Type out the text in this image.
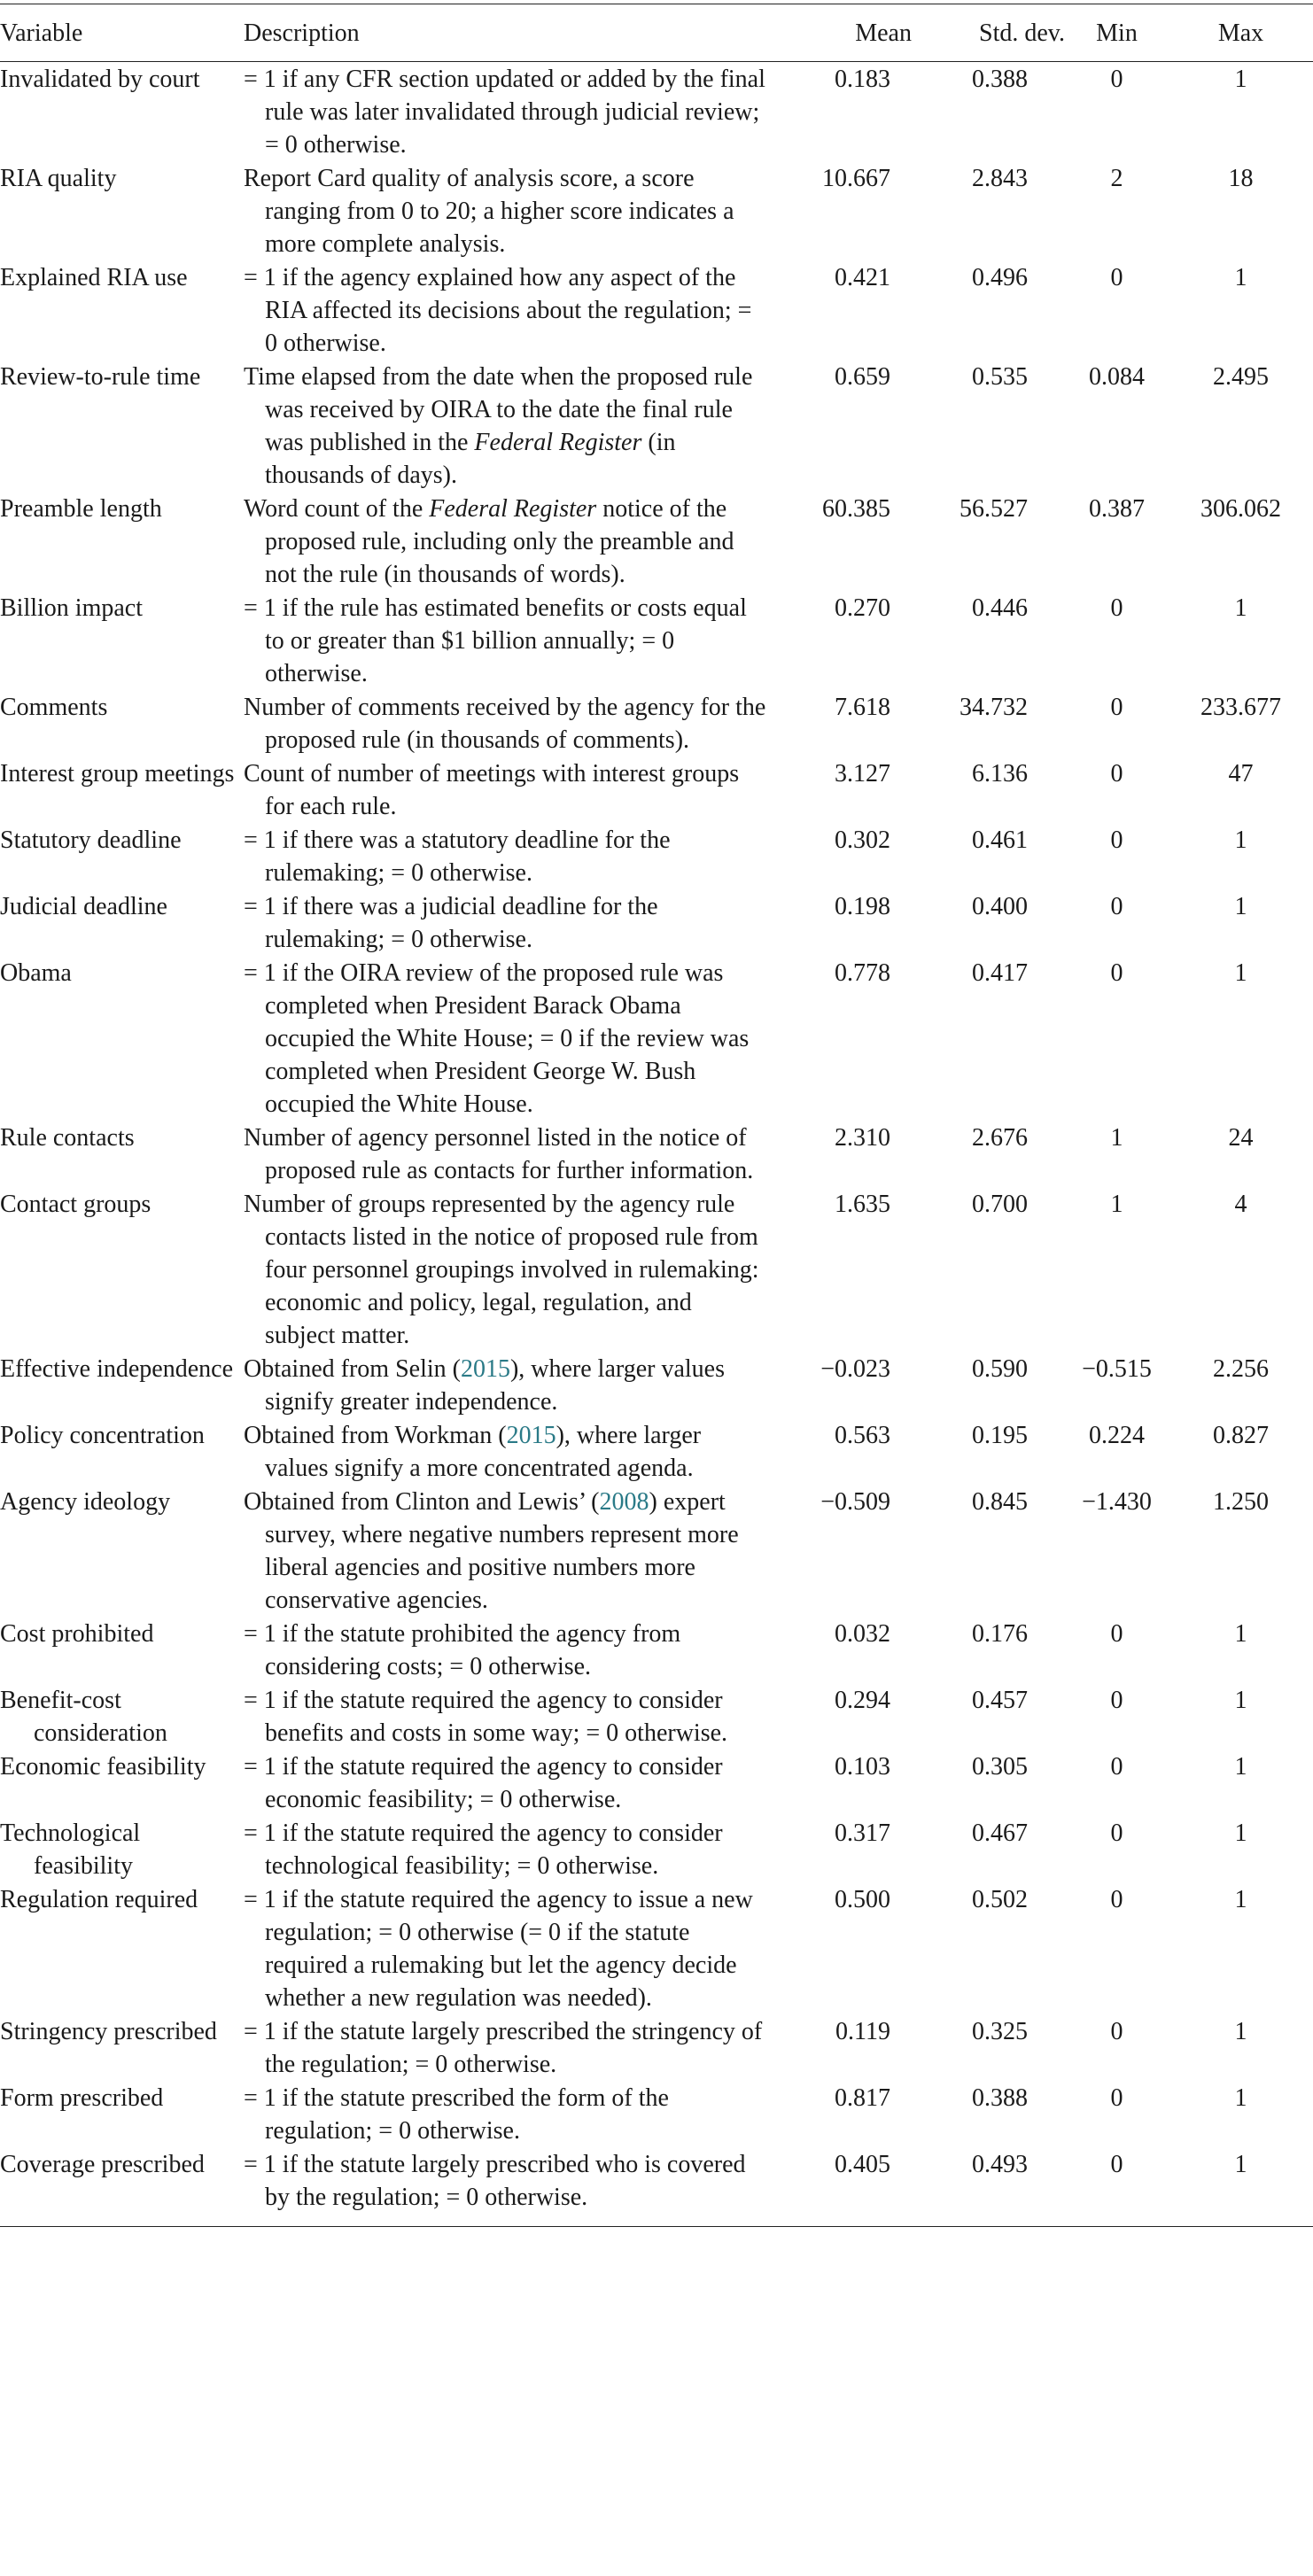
Variable	Description	Mean	Std. dev.	Min	Max

Invalidated by court	= 1 if any CFR section updated or added by the final rule was later invalidated through judicial review; = 0 otherwise.	0.183	0.388	0	1

RIA quality	Report Card quality of analysis score, a score ranging from 0 to 20; a higher score indicates a more complete analysis.	10.667	2.843	2	18

Explained RIA use	= 1 if the agency explained how any aspect of the RIA affected its decisions about the regulation; = 0 otherwise.	0.421	0.496	0	1

Review-to-rule time	Time elapsed from the date when the proposed rule was received by OIRA to the date the final rule was published in the Federal Register (in thousands of days).	0.659	0.535	0.084	2.495

Preamble length	Word count of the Federal Register notice of the proposed rule, including only the preamble and not the rule (in thousands of words).	60.385	56.527	0.387	306.062

Billion impact	= 1 if the rule has estimated benefits or costs equal to or greater than $1 billion annually; = 0 otherwise.	0.270	0.446	0	1

Comments	Number of comments received by the agency for the proposed rule (in thousands of comments).	7.618	34.732	0	233.677

Interest group meetings	Count of number of meetings with interest groups for each rule.	3.127	6.136	0	47

Statutory deadline	= 1 if there was a statutory deadline for the rulemaking; = 0 otherwise.	0.302	0.461	0	1

Judicial deadline	= 1 if there was a judicial deadline for the rulemaking; = 0 otherwise.	0.198	0.400	0	1

Obama	= 1 if the OIRA review of the proposed rule was completed when President Barack Obama occupied the White House; = 0 if the review was completed when President George W. Bush occupied the White House.	0.778	0.417	0	1

Rule contacts	Number of agency personnel listed in the notice of proposed rule as contacts for further information.	2.310	2.676	1	24

Contact groups	Number of groups represented by the agency rule contacts listed in the notice of proposed rule from four personnel groupings involved in rulemaking: economic and policy, legal, regulation, and subject matter.	1.635	0.700	1	4

Effective independence	Obtained from Selin (2015), where larger values signify greater independence.	−0.023	0.590	−0.515	2.256

Policy concentration	Obtained from Workman (2015), where larger values signify a more concentrated agenda.	0.563	0.195	0.224	0.827

Agency ideology	Obtained from Clinton and Lewis’ (2008) expert survey, where negative numbers represent more liberal agencies and positive numbers more conservative agencies.	−0.509	0.845	−1.430	1.250

Cost prohibited	= 1 if the statute prohibited the agency from considering costs; = 0 otherwise.	0.032	0.176	0	1

Benefit-cost consideration	= 1 if the statute required the agency to consider benefits and costs in some way; = 0 otherwise.	0.294	0.457	0	1

Economic feasibility	= 1 if the statute required the agency to consider economic feasibility; = 0 otherwise.	0.103	0.305	0	1

Technological feasibility	= 1 if the statute required the agency to consider technological feasibility; = 0 otherwise.	0.317	0.467	0	1

Regulation required	= 1 if the statute required the agency to issue a new regulation; = 0 otherwise (= 0 if the statute required a rulemaking but let the agency decide whether a new regulation was needed).	0.500	0.502	0	1

Stringency prescribed	= 1 if the statute largely prescribed the stringency of the regulation; = 0 otherwise.	0.119	0.325	0	1

Form prescribed	= 1 if the statute prescribed the form of the regulation; = 0 otherwise.	0.817	0.388	0	1

Coverage prescribed	= 1 if the statute largely prescribed who is covered by the regulation; = 0 otherwise.	0.405	0.493	0	1
